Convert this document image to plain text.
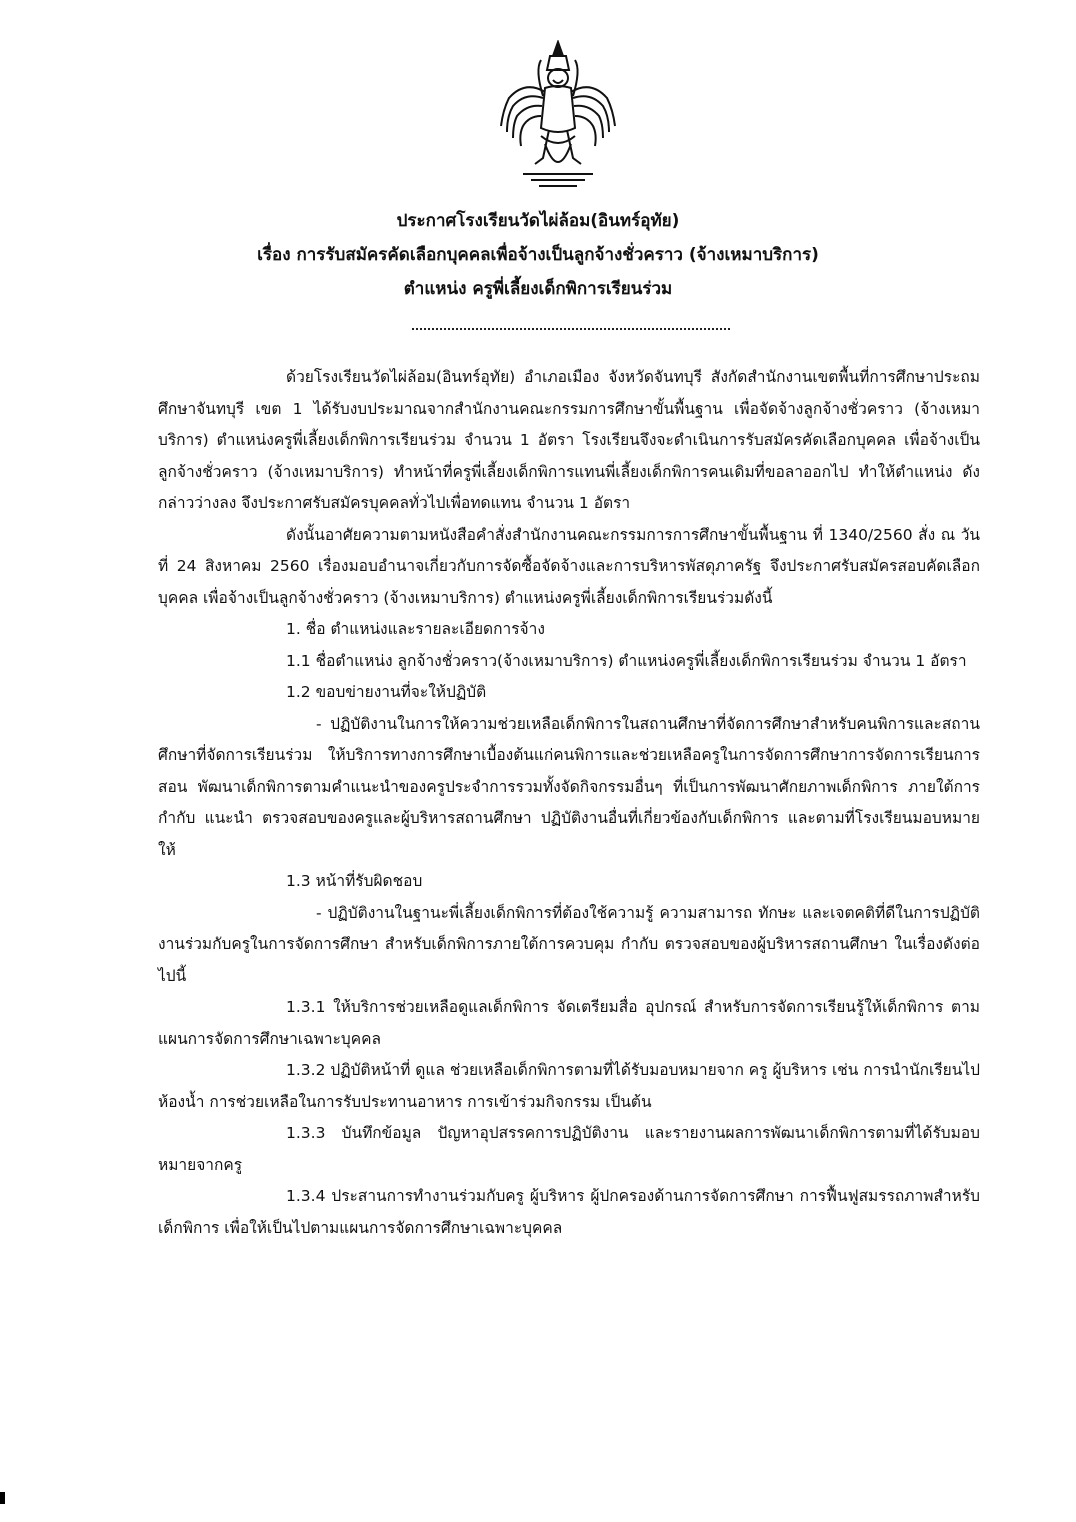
ประกาศโรงเรียนวัดไผ่ล้อม(อินทร์อุทัย)
เรื่อง การรับสมัครคัดเลือกบุคคลเพื่อจ้างเป็นลูกจ้างชั่วคราว (จ้างเหมาบริการ)
ตำแหน่ง ครูพี่เลี้ยงเด็กพิการเรียนร่วม

ด้วยโรงเรียนวัดไผ่ล้อม(อินทร์อุทัย) อำเภอเมือง จังหวัดจันทบุรี สังกัดสำนักงานเขตพื้นที่การศึกษาประถมศึกษาจันทบุรี เขต 1 ได้รับงบประมาณจากสำนักงานคณะกรรมการศึกษาขั้นพื้นฐาน เพื่อจัดจ้างลูกจ้างชั่วคราว (จ้างเหมาบริการ) ตำแหน่งครูพี่เลี้ยงเด็กพิการเรียนร่วม จำนวน 1 อัตรา โรงเรียนจึงจะดำเนินการรับสมัครคัดเลือกบุคคล เพื่อจ้างเป็นลูกจ้างชั่วคราว (จ้างเหมาบริการ) ทำหน้าที่ครูพี่เลี้ยงเด็กพิการแทนพี่เลี้ยงเด็กพิการคนเดิมที่ขอลาออกไป ทำให้ตำแหน่ง ดังกล่าวว่างลง จึงประกาศรับสมัครบุคคลทั่วไปเพื่อทดแทน จำนวน 1 อัตรา

ดังนั้นอาศัยความตามหนังสือคำสั่งสำนักงานคณะกรรมการการศึกษาขั้นพื้นฐาน ที่ 1340/2560 สั่ง ณ วันที่ 24 สิงหาคม 2560 เรื่องมอบอำนาจเกี่ยวกับการจัดซื้อจัดจ้างและการบริหารพัสดุภาครัฐ จึงประกาศรับสมัครสอบคัดเลือกบุคคล เพื่อจ้างเป็นลูกจ้างชั่วคราว (จ้างเหมาบริการ) ตำแหน่งครูพี่เลี้ยงเด็กพิการเรียนร่วมดังนี้

1. ชื่อ ตำแหน่งและรายละเอียดการจ้าง

1.1 ชื่อตำแหน่ง ลูกจ้างชั่วคราว(จ้างเหมาบริการ) ตำแหน่งครูพี่เลี้ยงเด็กพิการเรียนร่วม จำนวน 1 อัตรา

1.2 ขอบข่ายงานที่จะให้ปฏิบัติ

- ปฏิบัติงานในการให้ความช่วยเหลือเด็กพิการในสถานศึกษาที่จัดการศึกษาสำหรับคนพิการและสถานศึกษาที่จัดการเรียนร่วม ให้บริการทางการศึกษาเบื้องต้นแก่คนพิการและช่วยเหลือครูในการจัดการศึกษาการจัดการเรียนการสอน พัฒนาเด็กพิการตามคำแนะนำของครูประจำการรวมทั้งจัดกิจกรรมอื่นๆ ที่เป็นการพัฒนาศักยภาพเด็กพิการ ภายใต้การกำกับ แนะนำ ตรวจสอบของครูและผู้บริหารสถานศึกษา ปฏิบัติงานอื่นที่เกี่ยวข้องกับเด็กพิการ และตามที่โรงเรียนมอบหมายให้

1.3 หน้าที่รับผิดชอบ

- ปฏิบัติงานในฐานะพี่เลี้ยงเด็กพิการที่ต้องใช้ความรู้ ความสามารถ ทักษะ และเจตคติที่ดีในการปฏิบัติงานร่วมกับครูในการจัดการศึกษา สำหรับเด็กพิการภายใต้การควบคุม กำกับ ตรวจสอบของผู้บริหารสถานศึกษา ในเรื่องดังต่อไปนี้

1.3.1 ให้บริการช่วยเหลือดูแลเด็กพิการ จัดเตรียมสื่อ อุปกรณ์ สำหรับการจัดการเรียนรู้ให้เด็กพิการ ตามแผนการจัดการศึกษาเฉพาะบุคคล

1.3.2 ปฏิบัติหน้าที่ ดูแล ช่วยเหลือเด็กพิการตามที่ได้รับมอบหมายจาก ครู ผู้บริหาร เช่น การนำนักเรียนไปห้องน้ำ การช่วยเหลือในการรับประทานอาหาร การเข้าร่วมกิจกรรม เป็นต้น

1.3.3 บันทึกข้อมูล ปัญหาอุปสรรคการปฏิบัติงาน และรายงานผลการพัฒนาเด็กพิการตามที่ได้รับมอบหมายจากครู

1.3.4 ประสานการทำงานร่วมกับครู ผู้บริหาร ผู้ปกครองด้านการจัดการศึกษา การฟื้นฟูสมรรถภาพสำหรับเด็กพิการ เพื่อให้เป็นไปตามแผนการจัดการศึกษาเฉพาะบุคคล
